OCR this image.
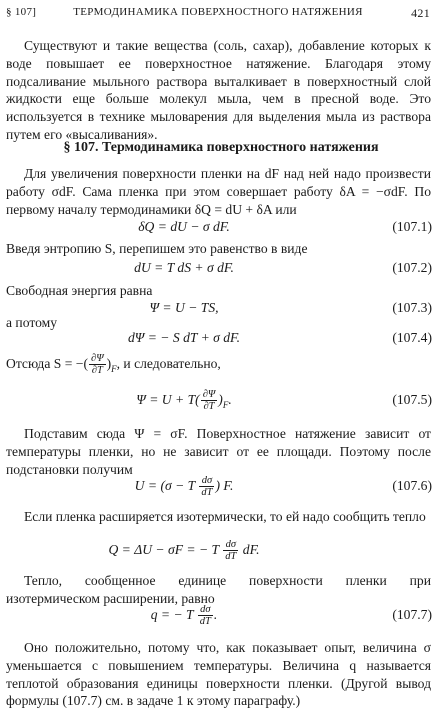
§ 107]	ТЕРМОДИНАМИКА ПОВЕРХНОСТНОГО НАТЯЖЕНИЯ	421
Существуют и такие вещества (соль, сахар), добавление которых к воде повышает ее поверхностное натяжение. Благодаря этому подсаливание мыльного раствора выталкивает в поверхностный слой жидкости еще больше молекул мыла, чем в пресной воде. Это используется в технике мыловарения для выделения мыла из раствора путем его «высаливания».
§ 107. Термодинамика поверхностного натяжения
Для увеличения поверхности пленки на dF над ней надо произвести работу σdF. Сама пленка при этом совершает работу δA = −σdF. По первому началу термодинамики δQ = dU + δA или
δQ = dU − σ dF.	(107.1)
Введя энтропию S, перепишем это равенство в виде
dU = T dS + σ dF.	(107.2)
Свободная энергия равна
Ψ = U − TS,	(107.3)
а потому
dΨ = − S dT + σ dF.	(107.4)
Отсюда S = −( $\frac{\partial\Psi}{\partial T} )_F$, и следовательно,
$\Psi = U + T( \frac{\partial\Psi}{\partial T} )_F$.	(107.5)
Подставим сюда Ψ = σF. Поверхностное натяжение зависит от температуры пленки, но не зависит от ее площади. Поэтому после подстановки получим
U = (σ − T $\frac{d\sigma}{dT}$ ) F.	(107.6)
Если пленка расширяется изотермически, то ей надо сообщить тепло
Q = ΔU − σF = − T $\frac{d\sigma}{dT}$ dF.
Тепло, сообщенное единице поверхности пленки при изотермическом расширении, равно
q = − T $\frac{d\sigma}{dT}$ .	(107.7)
Оно положительно, потому что, как показывает опыт, величина σ уменьшается с повышением температуры. Величина q называется теплотой образования единицы поверхности пленки. (Другой вывод формулы (107.7) см. в задаче 1 к этому параграфу.)
